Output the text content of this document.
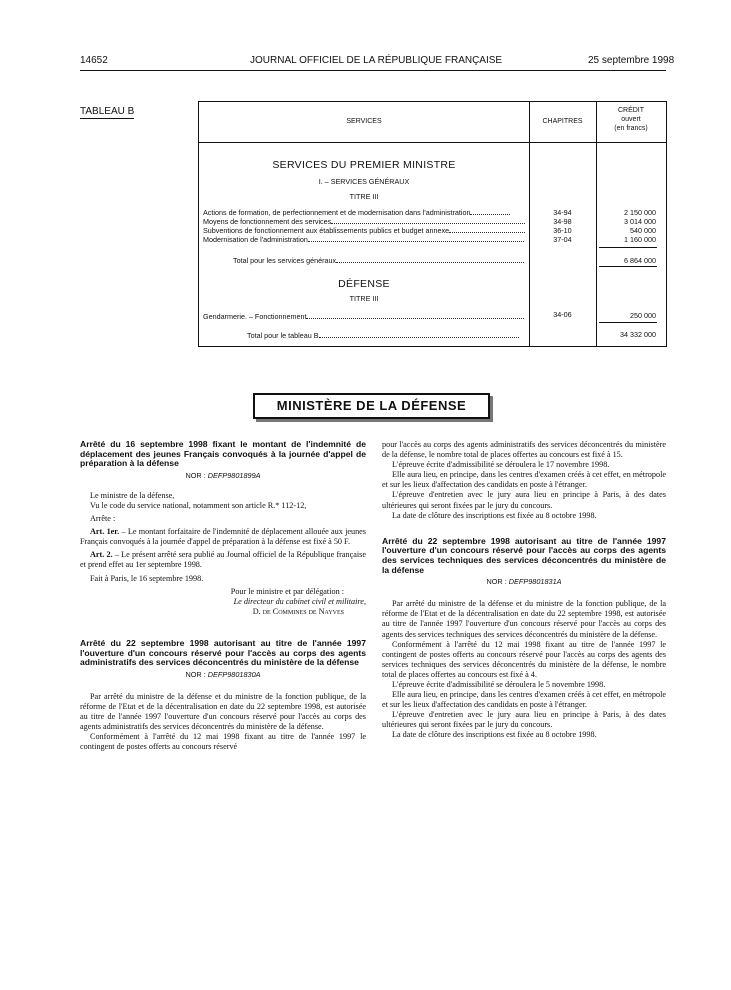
14652	JOURNAL OFFICIEL DE LA RÉPUBLIQUE FRANÇAISE	25 septembre 1998
TABLEAU B
SERVICES	CHAPITRES
CRÉDIT
ouvert
(en francs)
SERVICES DU PREMIER MINISTRE
I. – SERVICES GÉNÉRAUX
TITRE III
Actions de formation, de perfectionnement et de modernisation dans l'administration	34-94	2 150 000
Moyens de fonctionnement des services	34-98	3 014 000
Subventions de fonctionnement aux établissements publics et budget annexe	36-10	540 000
Modernisation de l'administration	37-04	1 160 000
Total pour les services généraux	6 864 000
DÉFENSE
TITRE III
Gendarmerie. – Fonctionnement	34-06	250 000
Total pour le tableau B	34 332 000
MINISTÈRE DE LA DÉFENSE

Arrêté du 16 septembre 1998 fixant le montant de l'indemnité de déplacement des jeunes Français convoqués à la journée d'appel de préparation à la défense

NOR : DEFP9801899A

Le ministre de la défense,

Vu le code du service national, notamment son article R.* 112-12,

Arrête :

Art. 1er. – Le montant forfaitaire de l'indemnité de déplacement allouée aux jeunes Français convoqués à la journée d'appel de préparation à la défense est fixé à 50 F.

Art. 2. – Le présent arrêté sera publié au Journal officiel de la République française et prend effet au 1er septembre 1998.

Fait à Paris, le 16 septembre 1998.

Pour le ministre et par délégation :

Le directeur du cabinet civil et militaire,

D. de Commines de Nayves

Arrêté du 22 septembre 1998 autorisant au titre de l'année 1997 l'ouverture d'un concours réservé pour l'accès au corps des agents administratifs des services déconcentrés du ministère de la défense

NOR : DEFP9801830A

Par arrêté du ministre de la défense et du ministre de la fonction publique, de la réforme de l'Etat et de la décentralisation en date du 22 septembre 1998, est autorisée au titre de l'année 1997 l'ouverture d'un concours réservé pour l'accès au corps des agents administratifs des services déconcentrés du ministère de la défense.

Conformément à l'arrêté du 12 mai 1998 fixant au titre de l'année 1997 le contingent de postes offerts au concours réservé

pour l'accès au corps des agents administratifs des services déconcentrés du ministère de la défense, le nombre total de places offertes au concours est fixé à 15.

L'épreuve écrite d'admissibilité se déroulera le 17 novembre 1998.

Elle aura lieu, en principe, dans les centres d'examen créés à cet effet, en métropole et sur les lieux d'affectation des candidats en poste à l'étranger.

L'épreuve d'entretien avec le jury aura lieu en principe à Paris, à des dates ultérieures qui seront fixées par le jury du concours.

La date de clôture des inscriptions est fixée au 8 octobre 1998.

Arrêté du 22 septembre 1998 autorisant au titre de l'année 1997 l'ouverture d'un concours réservé pour l'accès au corps des agents des services techniques des services déconcentrés du ministère de la défense

NOR : DEFP9801831A

Par arrêté du ministre de la défense et du ministre de la fonction publique, de la réforme de l'Etat et de la décentralisation en date du 22 septembre 1998, est autorisée au titre de l'année 1997 l'ouverture d'un concours réservé pour l'accès au corps des agents des services techniques des services déconcentrés du ministère de la défense.

Conformément à l'arrêté du 12 mai 1998 fixant au titre de l'année 1997 le contingent de postes offerts au concours réservé pour l'accès au corps des agents des services techniques des services déconcentrés du ministère de la défense, le nombre total de places offertes au concours est fixé à 4.

L'épreuve écrite d'admissibilité se déroulera le 5 novembre 1998.

Elle aura lieu, en principe, dans les centres d'examen créés à cet effet, en métropole et sur les lieux d'affectation des candidats en poste à l'étranger.

L'épreuve d'entretien avec le jury aura lieu en principe à Paris, à des dates ultérieures qui seront fixées par le jury du concours.

La date de clôture des inscriptions est fixée au 8 octobre 1998.
